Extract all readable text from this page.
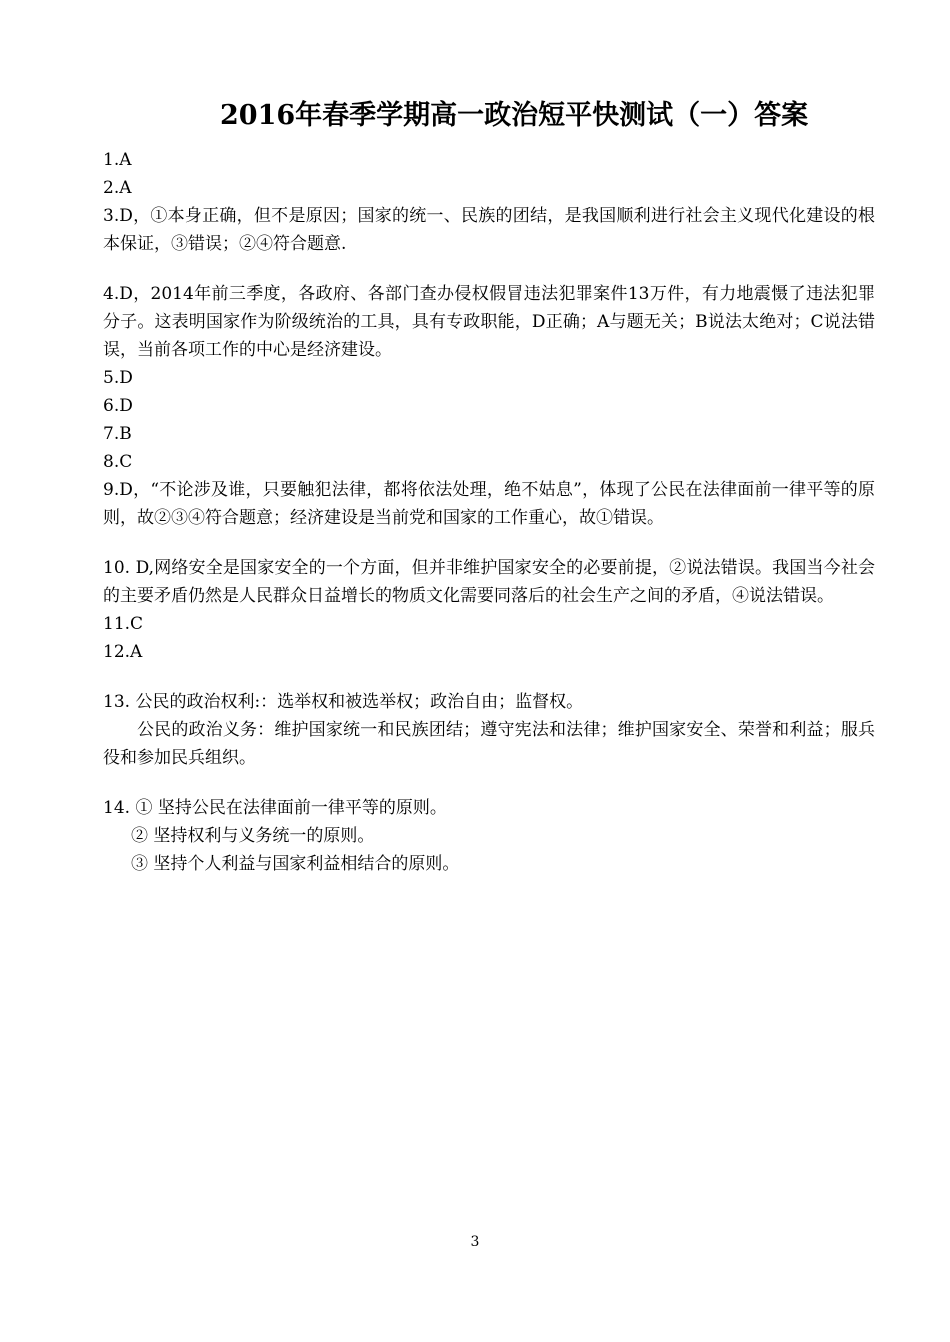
2016年春季学期高一政治短平快测试（一）答案

1.A

2.A

3.D，①本身正确，但不是原因；国家的统一、民族的团结，是我国顺利进行社会主义现代化建设的根本保证，③错误；②④符合题意.

4.D，2014年前三季度，各政府、各部门查办侵权假冒违法犯罪案件13万件，有力地震慑了违法犯罪分子。这表明国家作为阶级统治的工具，具有专政职能，D正确；A与题无关；B说法太绝对；C说法错误，当前各项工作的中心是经济建设。

5.D

6.D

7.B

8.C

9.D，“不论涉及谁，只要触犯法律，都将依法处理，绝不姑息”，体现了公民在法律面前一律平等的原则，故②③④符合题意；经济建设是当前党和国家的工作重心，故①错误。

10. D,网络安全是国家安全的一个方面，但并非维护国家安全的必要前提，②说法错误。我国当今社会的主要矛盾仍然是人民群众日益增长的物质文化需要同落后的社会生产之间的矛盾，④说法错误。

11.C

12.A

13. 公民的政治权利:：选举权和被选举权；政治自由；监督权。

公民的政治义务：维护国家统一和民族团结；遵守宪法和法律；维护国家安全、荣誉和利益；服兵役和参加民兵组织。

14. ① 坚持公民在法律面前一律平等的原则。

② 坚持权利与义务统一的原则。

③ 坚持个人利益与国家利益相结合的原则。

3
